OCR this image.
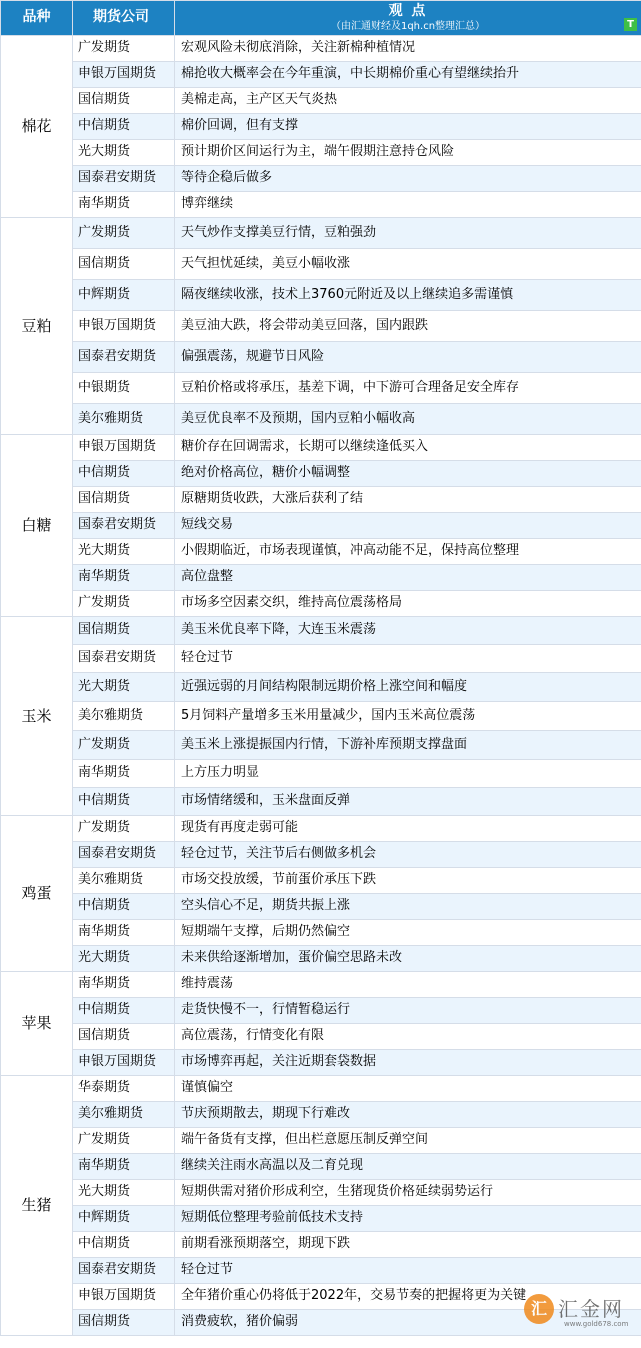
品种	期货公司	观 点
（由汇通财经及1qh.cn整理汇总） T

棉花	广发期货	宏观风险未彻底消除，关注新棉种植情况
	申银万国期货	棉抢收大概率会在今年重演，中长期棉价重心有望继续抬升
	国信期货	美棉走高，主产区天气炎热
	中信期货	棉价回调，但有支撑
	光大期货	预计期价区间运行为主，端午假期注意持仓风险
	国泰君安期货	等待企稳后做多
	南华期货	博弈继续
豆粕	广发期货	天气炒作支撑美豆行情，豆粕强劲
	国信期货	天气担忧延续，美豆小幅收涨
	中辉期货	隔夜继续收涨，技术上3760元附近及以上继续追多需谨慎
	申银万国期货	美豆油大跌，将会带动美豆回落，国内跟跌
	国泰君安期货	偏强震荡，规避节日风险
	中银期货	豆粕价格或将承压，基差下调，中下游可合理备足安全库存
	美尔雅期货	美豆优良率不及预期，国内豆粕小幅收高
白糖	申银万国期货	糖价存在回调需求，长期可以继续逢低买入
	中信期货	绝对价格高位，糖价小幅调整
	国信期货	原糖期货收跌，大涨后获利了结
	国泰君安期货	短线交易
	光大期货	小假期临近，市场表现谨慎，冲高动能不足，保持高位整理
	南华期货	高位盘整
	广发期货	市场多空因素交织，维持高位震荡格局
玉米	国信期货	美玉米优良率下降，大连玉米震荡
	国泰君安期货	轻仓过节
	光大期货	近强远弱的月间结构限制远期价格上涨空间和幅度
	美尔雅期货	5月饲料产量增多玉米用量减少，国内玉米高位震荡
	广发期货	美玉米上涨提振国内行情，下游补库预期支撑盘面
	南华期货	上方压力明显
	中信期货	市场情绪缓和，玉米盘面反弹
鸡蛋	广发期货	现货有再度走弱可能
	国泰君安期货	轻仓过节，关注节后右侧做多机会
	美尔雅期货	市场交投放缓，节前蛋价承压下跌
	中信期货	空头信心不足，期货共振上涨
	南华期货	短期端午支撑，后期仍然偏空
	光大期货	未来供给逐渐增加，蛋价偏空思路未改
苹果	南华期货	维持震荡
	中信期货	走货快慢不一，行情暂稳运行
	国信期货	高位震荡，行情变化有限
	申银万国期货	市场博弈再起，关注近期套袋数据
生猪	华泰期货	谨慎偏空
	美尔雅期货	节庆预期散去，期现下行难改
	广发期货	端午备货有支撑，但出栏意愿压制反弹空间
	南华期货	继续关注雨水高温以及二育兑现
	光大期货	短期供需对猪价形成利空，生猪现货价格延续弱势运行
	中辉期货	短期低位整理考验前低技术支持
	中信期货	前期看涨预期落空，期现下跌
	国泰君安期货	轻仓过节
	申银万国期货	全年猪价重心仍将低于2022年，交易节奏的把握将更为关键
	国信期货	消费疲软，猪价偏弱
汇 汇金网
www.gold678.com
